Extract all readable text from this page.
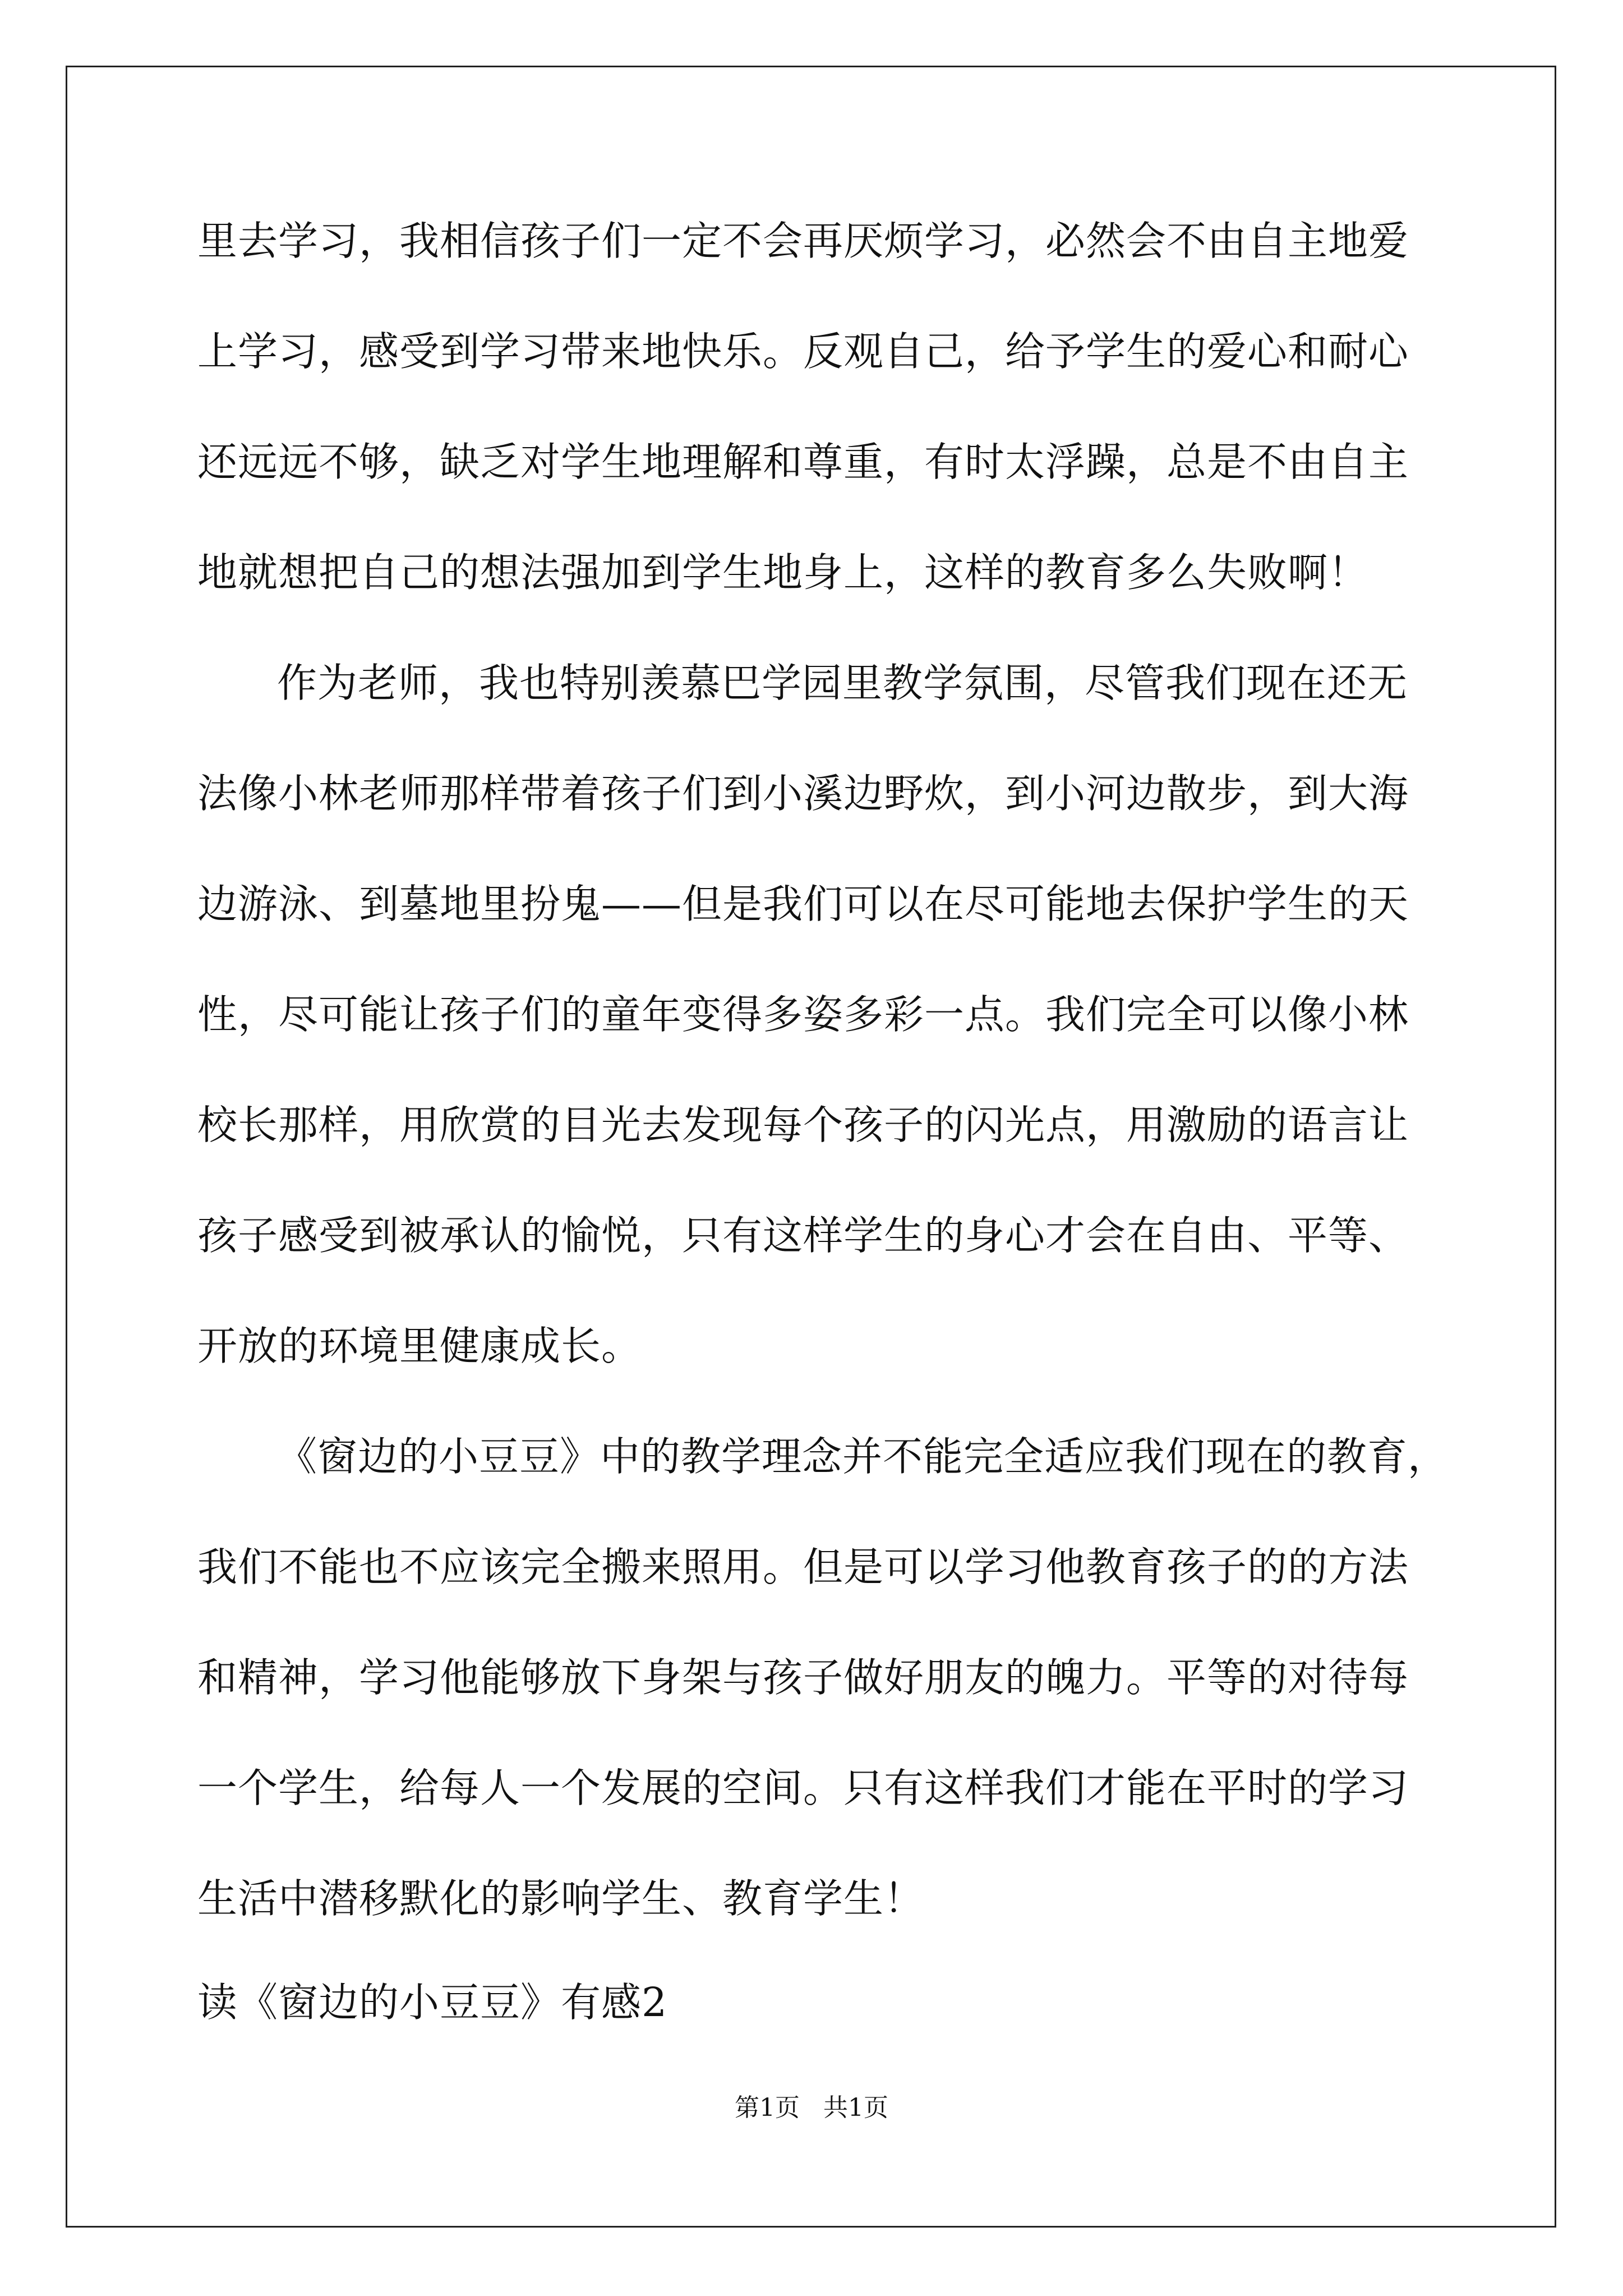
里去学习，我相信孩子们一定不会再厌烦学习，必然会不由自主地爱
上学习，感受到学习带来地快乐。反观自己，给予学生的爱心和耐心
还远远不够，缺乏对学生地理解和尊重，有时太浮躁，总是不由自主
地就想把自己的想法强加到学生地身上，这样的教育多么失败啊！
作为老师，我也特别羡慕巴学园里教学氛围，尽管我们现在还无
法像小林老师那样带着孩子们到小溪边野炊，到小河边散步，到大海
边游泳、到墓地里扮鬼——但是我们可以在尽可能地去保护学生的天
性，尽可能让孩子们的童年变得多姿多彩一点。我们完全可以像小林
校长那样，用欣赏的目光去发现每个孩子的闪光点，用激励的语言让
孩子感受到被承认的愉悦，只有这样学生的身心才会在自由、平等、
开放的环境里健康成长。
《窗边的小豆豆》中的教学理念并不能完全适应我们现在的教育，
我们不能也不应该完全搬来照用。但是可以学习他教育孩子的的方法
和精神，学习他能够放下身架与孩子做好朋友的魄力。平等的对待每
一个学生，给每人一个发展的空间。只有这样我们才能在平时的学习
生活中潜移默化的影响学生、教育学生！
读《窗边的小豆豆》有感2
第1页   共1页
